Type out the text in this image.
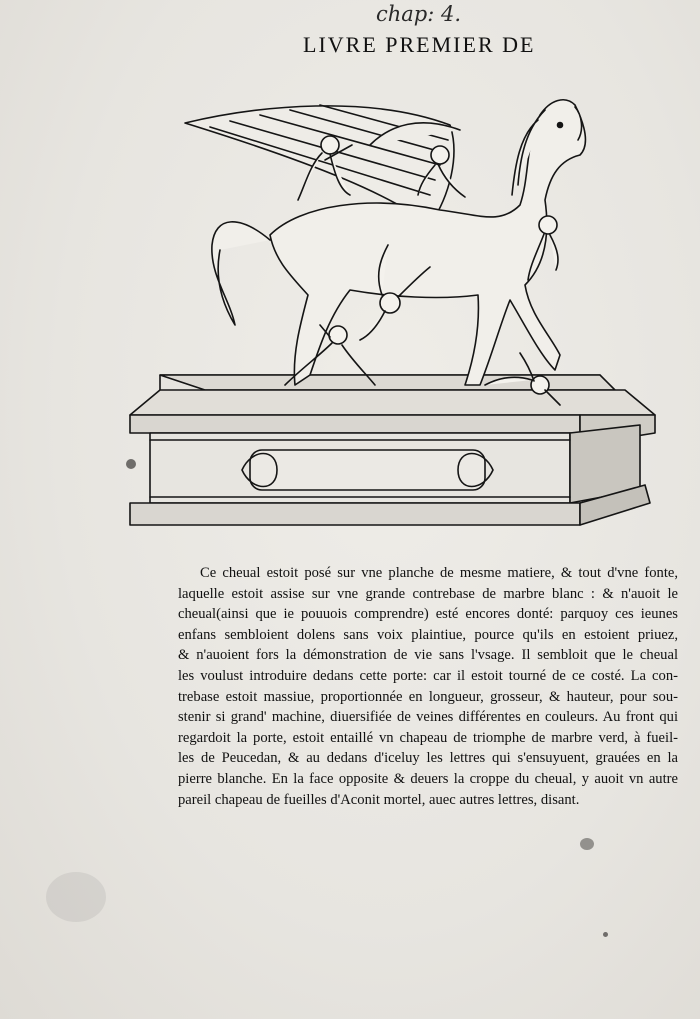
chap: 4.
LIVRE PREMIER DE
Ce cheual estoit posé sur vne planche de mesme matiere, & tout d'vne fonte,
laquelle estoit assise sur vne grande contrebase de marbre blanc : & n'auoit le
cheual(ainsi que ie pouuois comprendre) esté encores donté: parquoy ces ieunes
enfans sembloient dolens sans voix plaintiue, pource qu'ils en estoient priuez,
& n'auoient fors la démonstration de vie sans l'vsage. Il sembloit que le cheual
les voulust introduire dedans cette porte: car il estoit tourné de ce costé. La con-
trebase estoit massiue, proportionnée en longueur, grosseur, & hauteur, pour sou-
stenir si grand' machine, diuersifiée de veines différentes en couleurs. Au front qui
regardoit la porte, estoit entaillé vn chapeau de triomphe de marbre verd, à fueil-
les de Peucedan, & au dedans d'iceluy les lettres qui s'ensuyuent, grauées en la
pierre blanche. En la face opposite & deuers la croppe du cheual, y auoit vn autre
pareil chapeau de fueilles d'Aconit mortel, auec autres lettres, disant.
